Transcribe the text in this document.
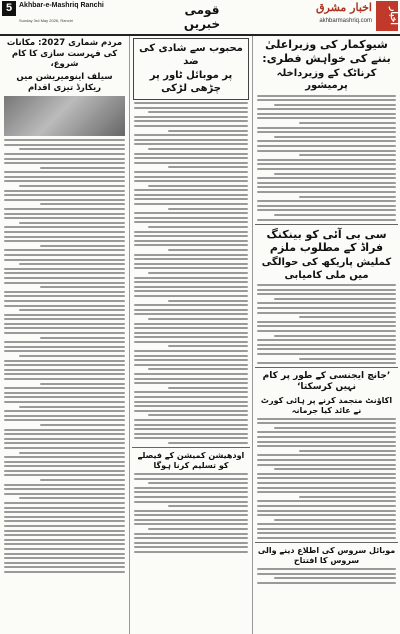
5 Akhbar-e-Mashriq Ranchi
Sunday 3rd May 2026, Ranchi
قومی خبریں
اخبار مشرق	اخبار
akhbarmashriq.com
شیوکمار کی وزیراعلیٰ بننے کی خواہش فطری:
کرناٹک کے وزیرداخلہ پرمیشور
سی بی آئی کو بینکنگ فراڈ کے مطلوب ملزم
کملیش پاریکھ کی حوالگی میں ملی کامیابی
’جانچ ایجنسی کے طور پر کام نہیں کرسکتا‘
اکاؤنٹ منجمد کرنے پر ہائی کورٹ نے عائد کیا جرمانہ
موبائل سروس کی اطلاع دینے والی سروس کا افتتاح
محبوب سے شادی کی ضد
پر موبائل ٹاور پر چڑھی لڑکی
اودھیشن کمیشن کے فیصلے کو تسلیم کرنا ہوگا
مردم شماری 2027: مکانات کی فہرست سازی کا کام شروع،
سیلف اینومیریشن میں ریکارڈ تیزی اقدام
